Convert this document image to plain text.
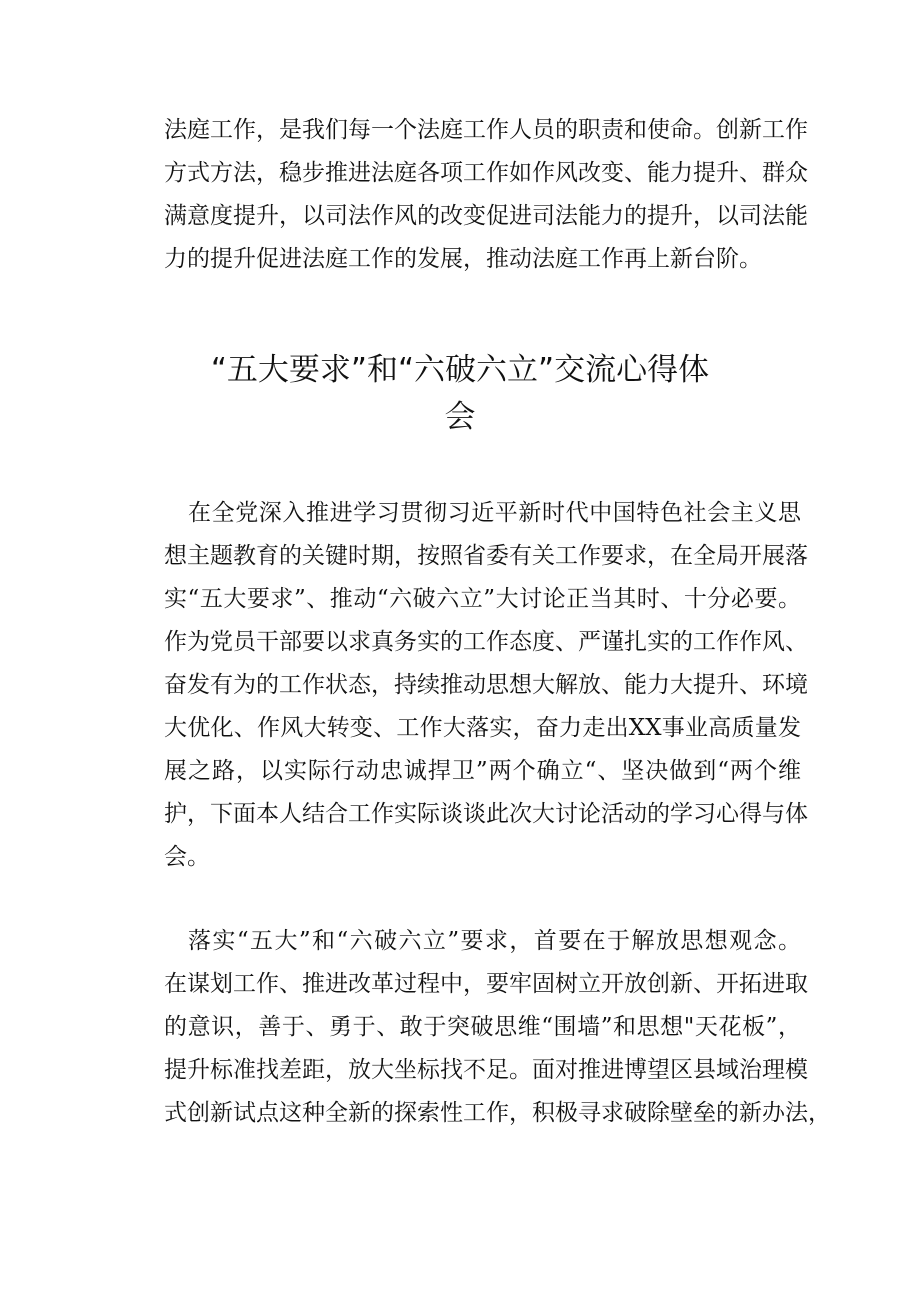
法庭工作，是我们每一个法庭工作人员的职责和使命。创新工作
方式方法，稳步推进法庭各项工作如作风改变、能力提升、群众
满意度提升，以司法作风的改变促进司法能力的提升，以司法能
力的提升促进法庭工作的发展，推动法庭工作再上新台阶。
“五大要求”和“六破六立”交流心得体
会
在全党深入推进学习贯彻习近平新时代中国特色社会主义思
想主题教育的关键时期，按照省委有关工作要求，在全局开展落
实“五大要求”、推动“六破六立”大讨论正当其时、十分必要。
作为党员干部要以求真务实的工作态度、严谨扎实的工作作风、
奋发有为的工作状态，持续推动思想大解放、能力大提升、环境
大优化、作风大转变、工作大落实，奋力走出XX事业高质量发
展之路，以实际行动忠诚捍卫”两个确立“、坚决做到“两个维
护，下面本人结合工作实际谈谈此次大讨论活动的学习心得与体
会。
落实“五大”和“六破六立”要求，首要在于解放思想观念。
在谋划工作、推进改革过程中，要牢固树立开放创新、开拓进取
的意识，善于、勇于、敢于突破思维“围墙”和思想"天花板”，
提升标准找差距，放大坐标找不足。面对推进博望区县域治理模
式创新试点这种全新的探索性工作，积极寻求破除壁垒的新办法，
